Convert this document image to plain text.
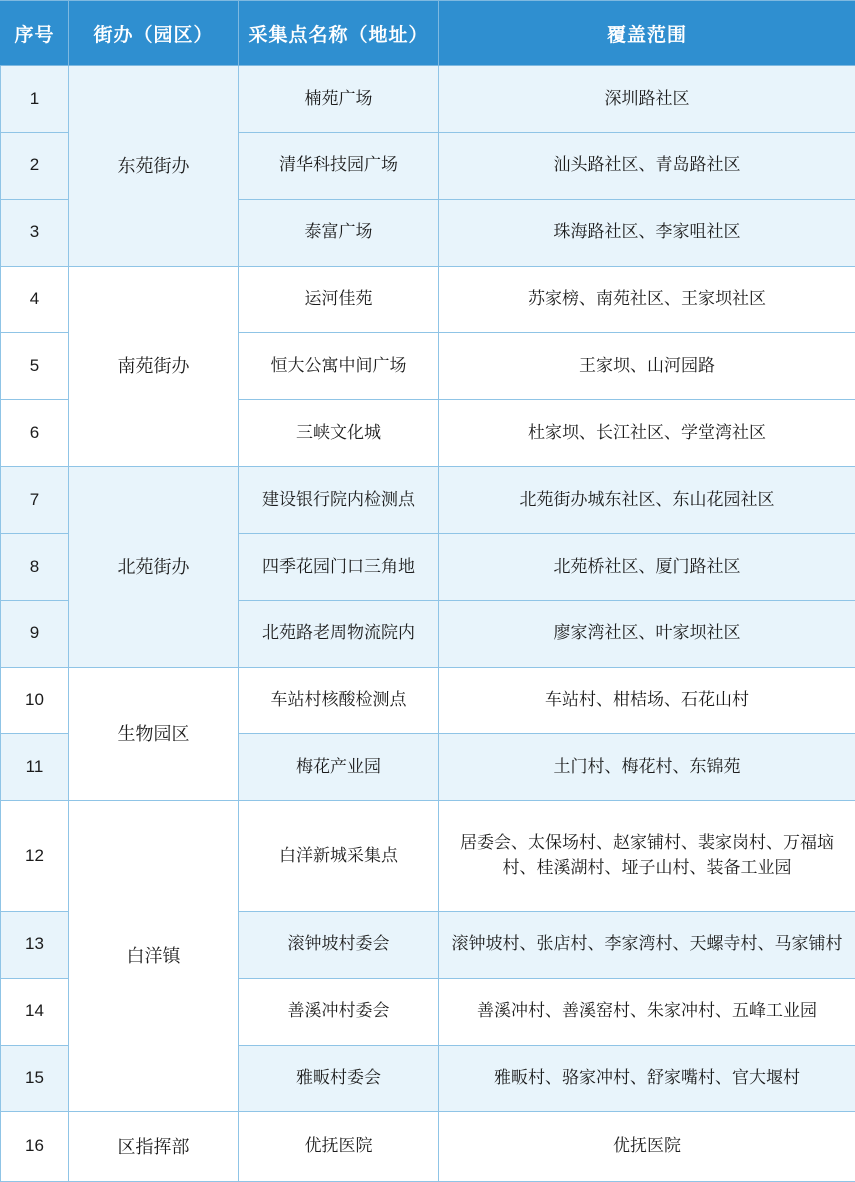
序号	街办（园区）	采集点名称（地址）	覆盖范围
1	东苑街办	楠苑广场	深圳路社区
2		清华科技园广场	汕头路社区、青岛路社区
3		泰富广场	珠海路社区、李家咀社区
4	南苑街办	运河佳苑	苏家榜、南苑社区、王家坝社区
5		恒大公寓中间广场	王家坝、山河园路
6		三峡文化城	杜家坝、长江社区、学堂湾社区
7	北苑街办	建设银行院内检测点	北苑街办城东社区、东山花园社区
8		四季花园门口三角地	北苑桥社区、厦门路社区
9		北苑路老周物流院内	廖家湾社区、叶家坝社区
10	生物园区	车站村核酸检测点	车站村、柑桔场、石花山村
11		梅花产业园	土门村、梅花村、东锦苑
12	白洋镇	白洋新城采集点	居委会、太保场村、赵家铺村、裴家岗村、万福垴村、桂溪湖村、垭子山村、装备工业园
13		滚钟坡村委会	滚钟坡村、张店村、李家湾村、天螺寺村、马家铺村
14		善溪冲村委会	善溪冲村、善溪窑村、朱家冲村、五峰工业园
15		雅畈村委会	雅畈村、骆家冲村、舒家嘴村、官大堰村
16	区指挥部	优抚医院	优抚医院
